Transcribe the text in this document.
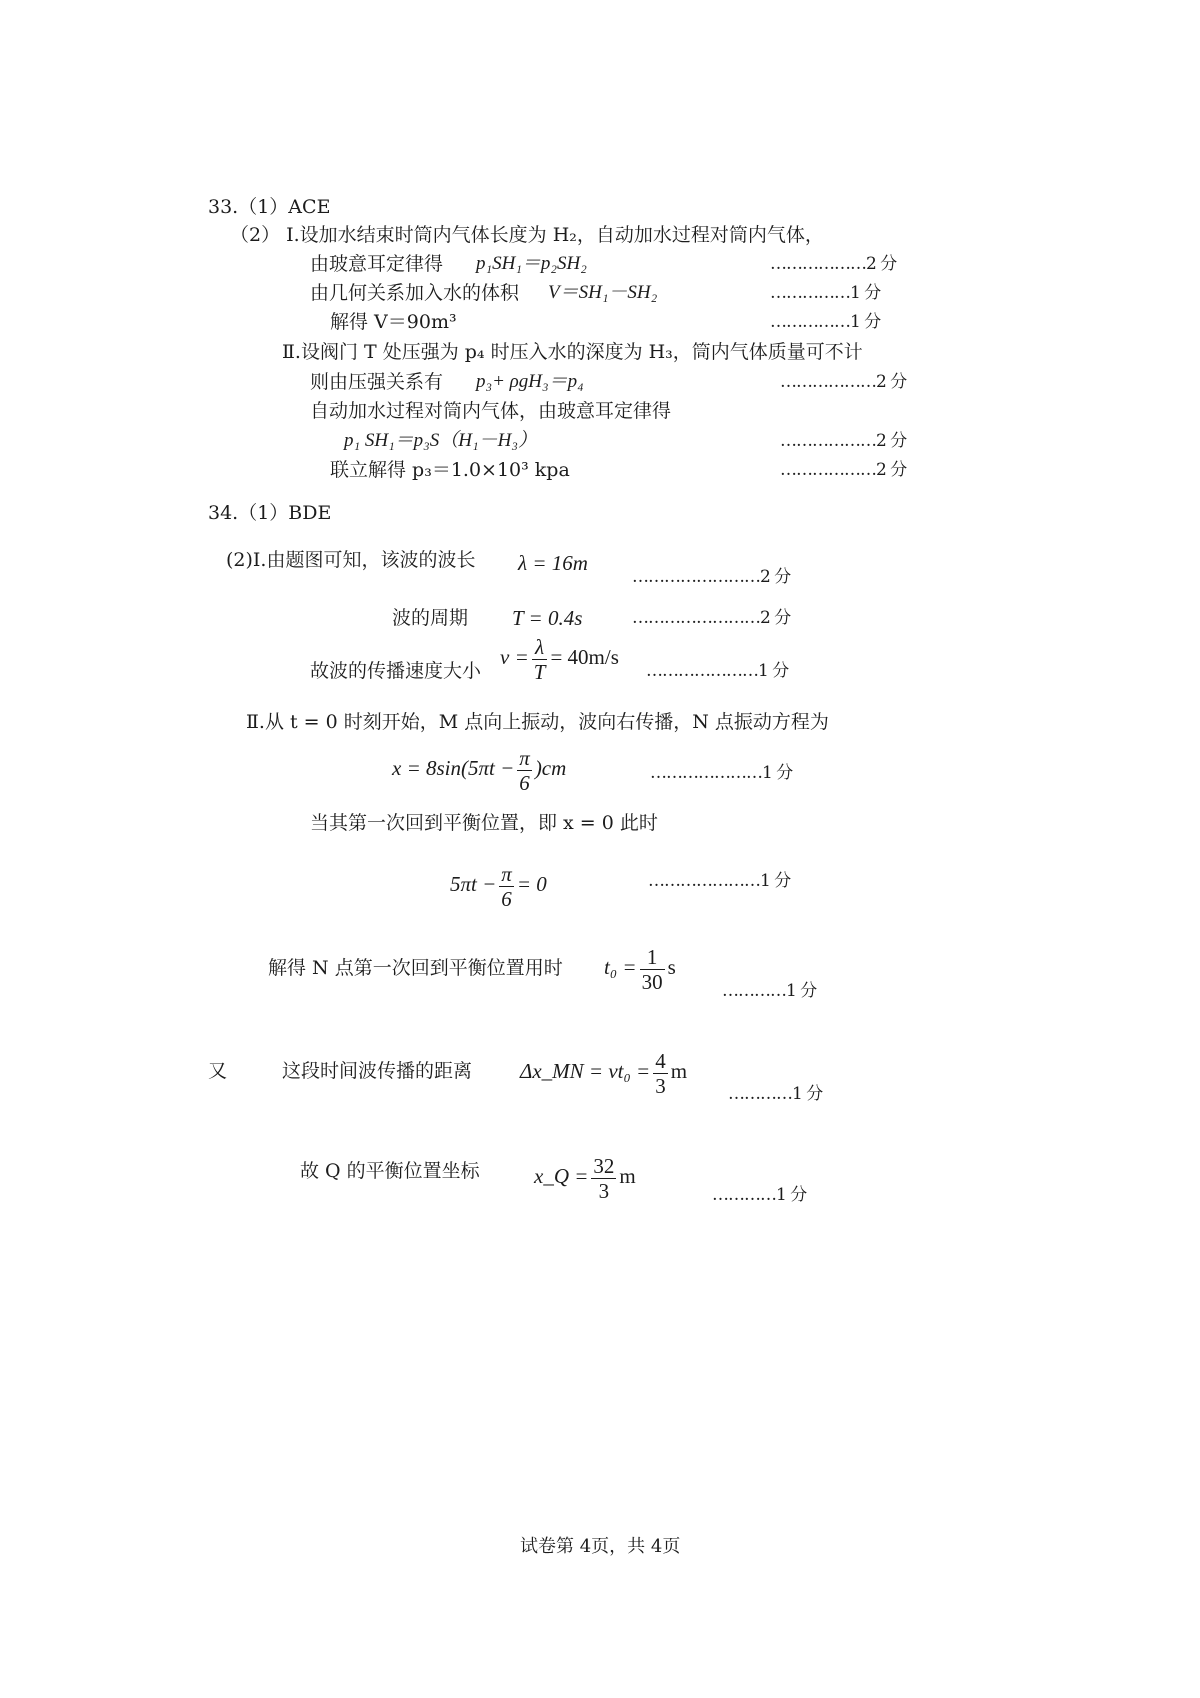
33.（1）ACE
（2） Ⅰ.设加水结束时筒内气体长度为 H₂，自动加水过程对筒内气体，
由玻意耳定律得 p₁SH₁＝p₂SH₂	………………2 分
由几何关系加入水的体积 V＝SH₁－SH₂	……………1 分
解得 V＝90m³	……………1 分
Ⅱ.设阀门 T 处压强为 p₄ 时压入水的深度为 H₃，筒内气体质量可不计
则由压强关系有 p₃+ ρgH₃＝p₄	………………2 分
自动加水过程对筒内气体，由玻意耳定律得
p₁ SH₁＝p₃S（H₁－H₃）	………………2 分
联立解得 p₃＝1.0×10³ kpa	………………2 分
34.（1）BDE
(2)Ⅰ.由题图可知，该波的波长 λ = 16m
……………………2 分
波的周期 T = 0.4s	……………………2 分
故波的传播速度大小
$v = \frac{\lambda}{T} = 40m/s$
…………………1 分
Ⅱ.从 t = 0 时刻开始，M 点向上振动，波向右传播，N 点振动方程为
$x = 8\sin(5\pi t - \frac{\pi}{6} )cm$	…………………1 分
当其第一次回到平衡位置，即 x = 0 此时
$5\pi t - \frac{\pi}{6} = 0$	…………………1 分
解得 N 点第一次回到平衡位置用时 $t_0 = \frac{1}{30}$ s
…………1 分
又	这段时间波传播的距离 Δx_MN = $vt_0 = \frac{4}{3}$ m
…………1 分
故 Q 的平衡位置坐标	x_Q = $\frac{32}{3}$ m
…………1 分
试卷第 4页，共 4页
